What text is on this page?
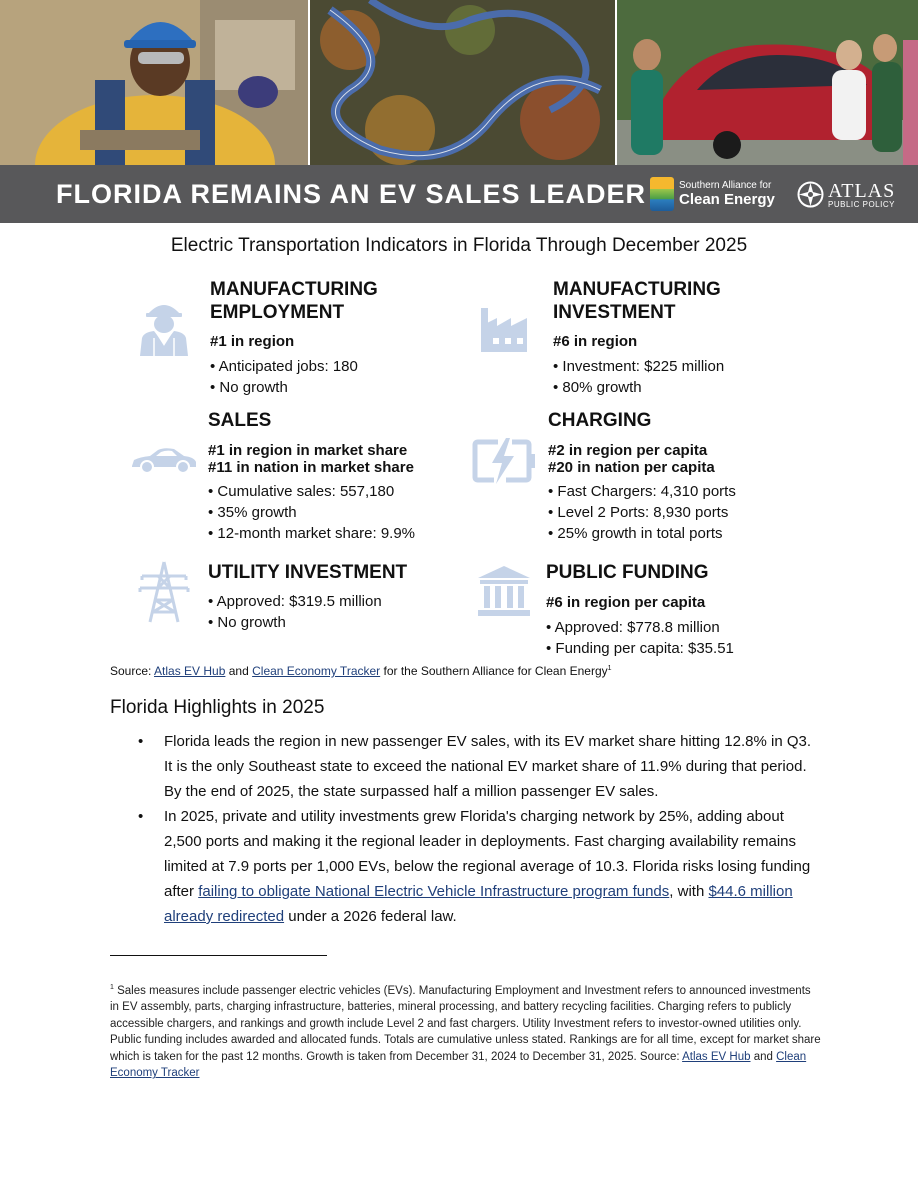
FLORIDA REMAINS AN EV SALES LEADER	Southern Alliance for
Clean Energy	ATLAS
PUBLIC POLICY
Electric Transportation Indicators in Florida Through December 2025
MANUFACTURING
EMPLOYMENT
#1 in region
• Anticipated jobs: 180
• No growth
MANUFACTURING
INVESTMENT
#6 in region
• Investment: $225 million
• 80% growth
SALES
#1 in region in market share
#11 in nation in market share
• Cumulative sales: 557,180
• 35% growth
• 12-month market share: 9.9%
CHARGING
#2 in region per capita
#20 in nation per capita
• Fast Chargers: 4,310 ports
• Level 2 Ports: 8,930 ports
• 25% growth in total ports
UTILITY INVESTMENT
• Approved: $319.5 million
• No growth
PUBLIC FUNDING
#6 in region per capita
• Approved: $778.8 million
• Funding per capita: $35.51
Source: Atlas EV Hub and Clean Economy Tracker for the Southern Alliance for Clean Energy$^1$
Florida Highlights in 2025
• Florida leads the region in new passenger EV sales, with its EV market share hitting 12.8% in Q3. It is the only Southeast state to exceed the national EV market share of 11.9% during that period. By the end of 2025, the state surpassed half a million passenger EV sales.
• In 2025, private and utility investments grew Florida's charging network by 25%, adding about 2,500 ports and making it the regional leader in deployments. Fast charging availability remains limited at 7.9 ports per 1,000 EVs, below the regional average of 10.3. Florida risks losing funding after failing to obligate National Electric Vehicle Infrastructure program funds, with $44.6 million already redirected under a 2026 federal law.
$^1$ Sales measures include passenger electric vehicles (EVs). Manufacturing Employment and Investment refers to announced investments in EV assembly, parts, charging infrastructure, batteries, mineral processing, and battery recycling facilities. Charging refers to publicly accessible chargers, and rankings and growth include Level 2 and fast chargers. Utility Investment refers to investor-owned utilities only. Public funding includes awarded and allocated funds. Totals are cumulative unless stated. Rankings are for all time, except for market share which is taken for the past 12 months. Growth is taken from December 31, 2024 to December 31, 2025. Source: Atlas EV Hub and Clean Economy Tracker
